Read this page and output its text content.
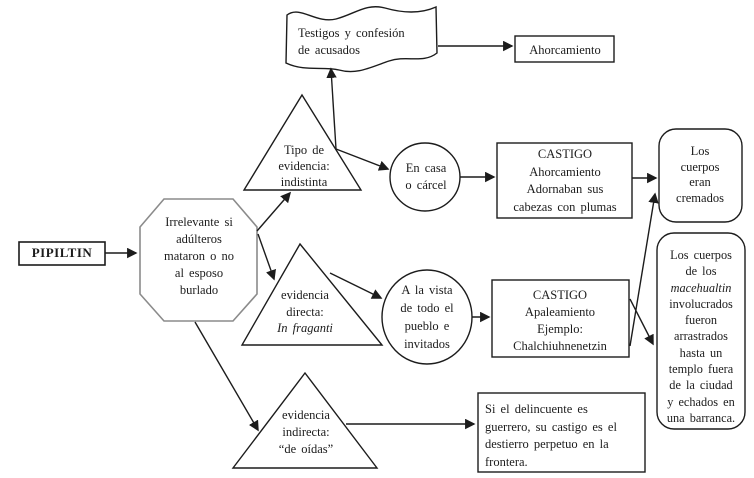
PIPILTIN
Irrelevante si
adúlteros
mataron o no
al esposo
burlado
Testigos y confesión
de acusados	Ahorcamiento
Tipo de
evidencia:
indistinta
En casa
o cárcel
CASTIGO
Ahorcamiento
Adornaban sus
cabezas con plumas
Los
cuerpos
eran
cremados
evidencia
directa:
In fraganti
A la vista
de todo el
pueblo e
invitados
CASTIGO
Apaleamiento
Ejemplo:
Chalchiuhnenetzin
Los cuerpos
de los
macehualtin
involucrados
fueron
arrastrados
hasta un
templo fuera
de la ciudad
y echados en
una barranca.
evidencia
indirecta:
“de oídas”
Si el delincuente es
guerrero, su castigo es el
destierro perpetuo en la
frontera.
